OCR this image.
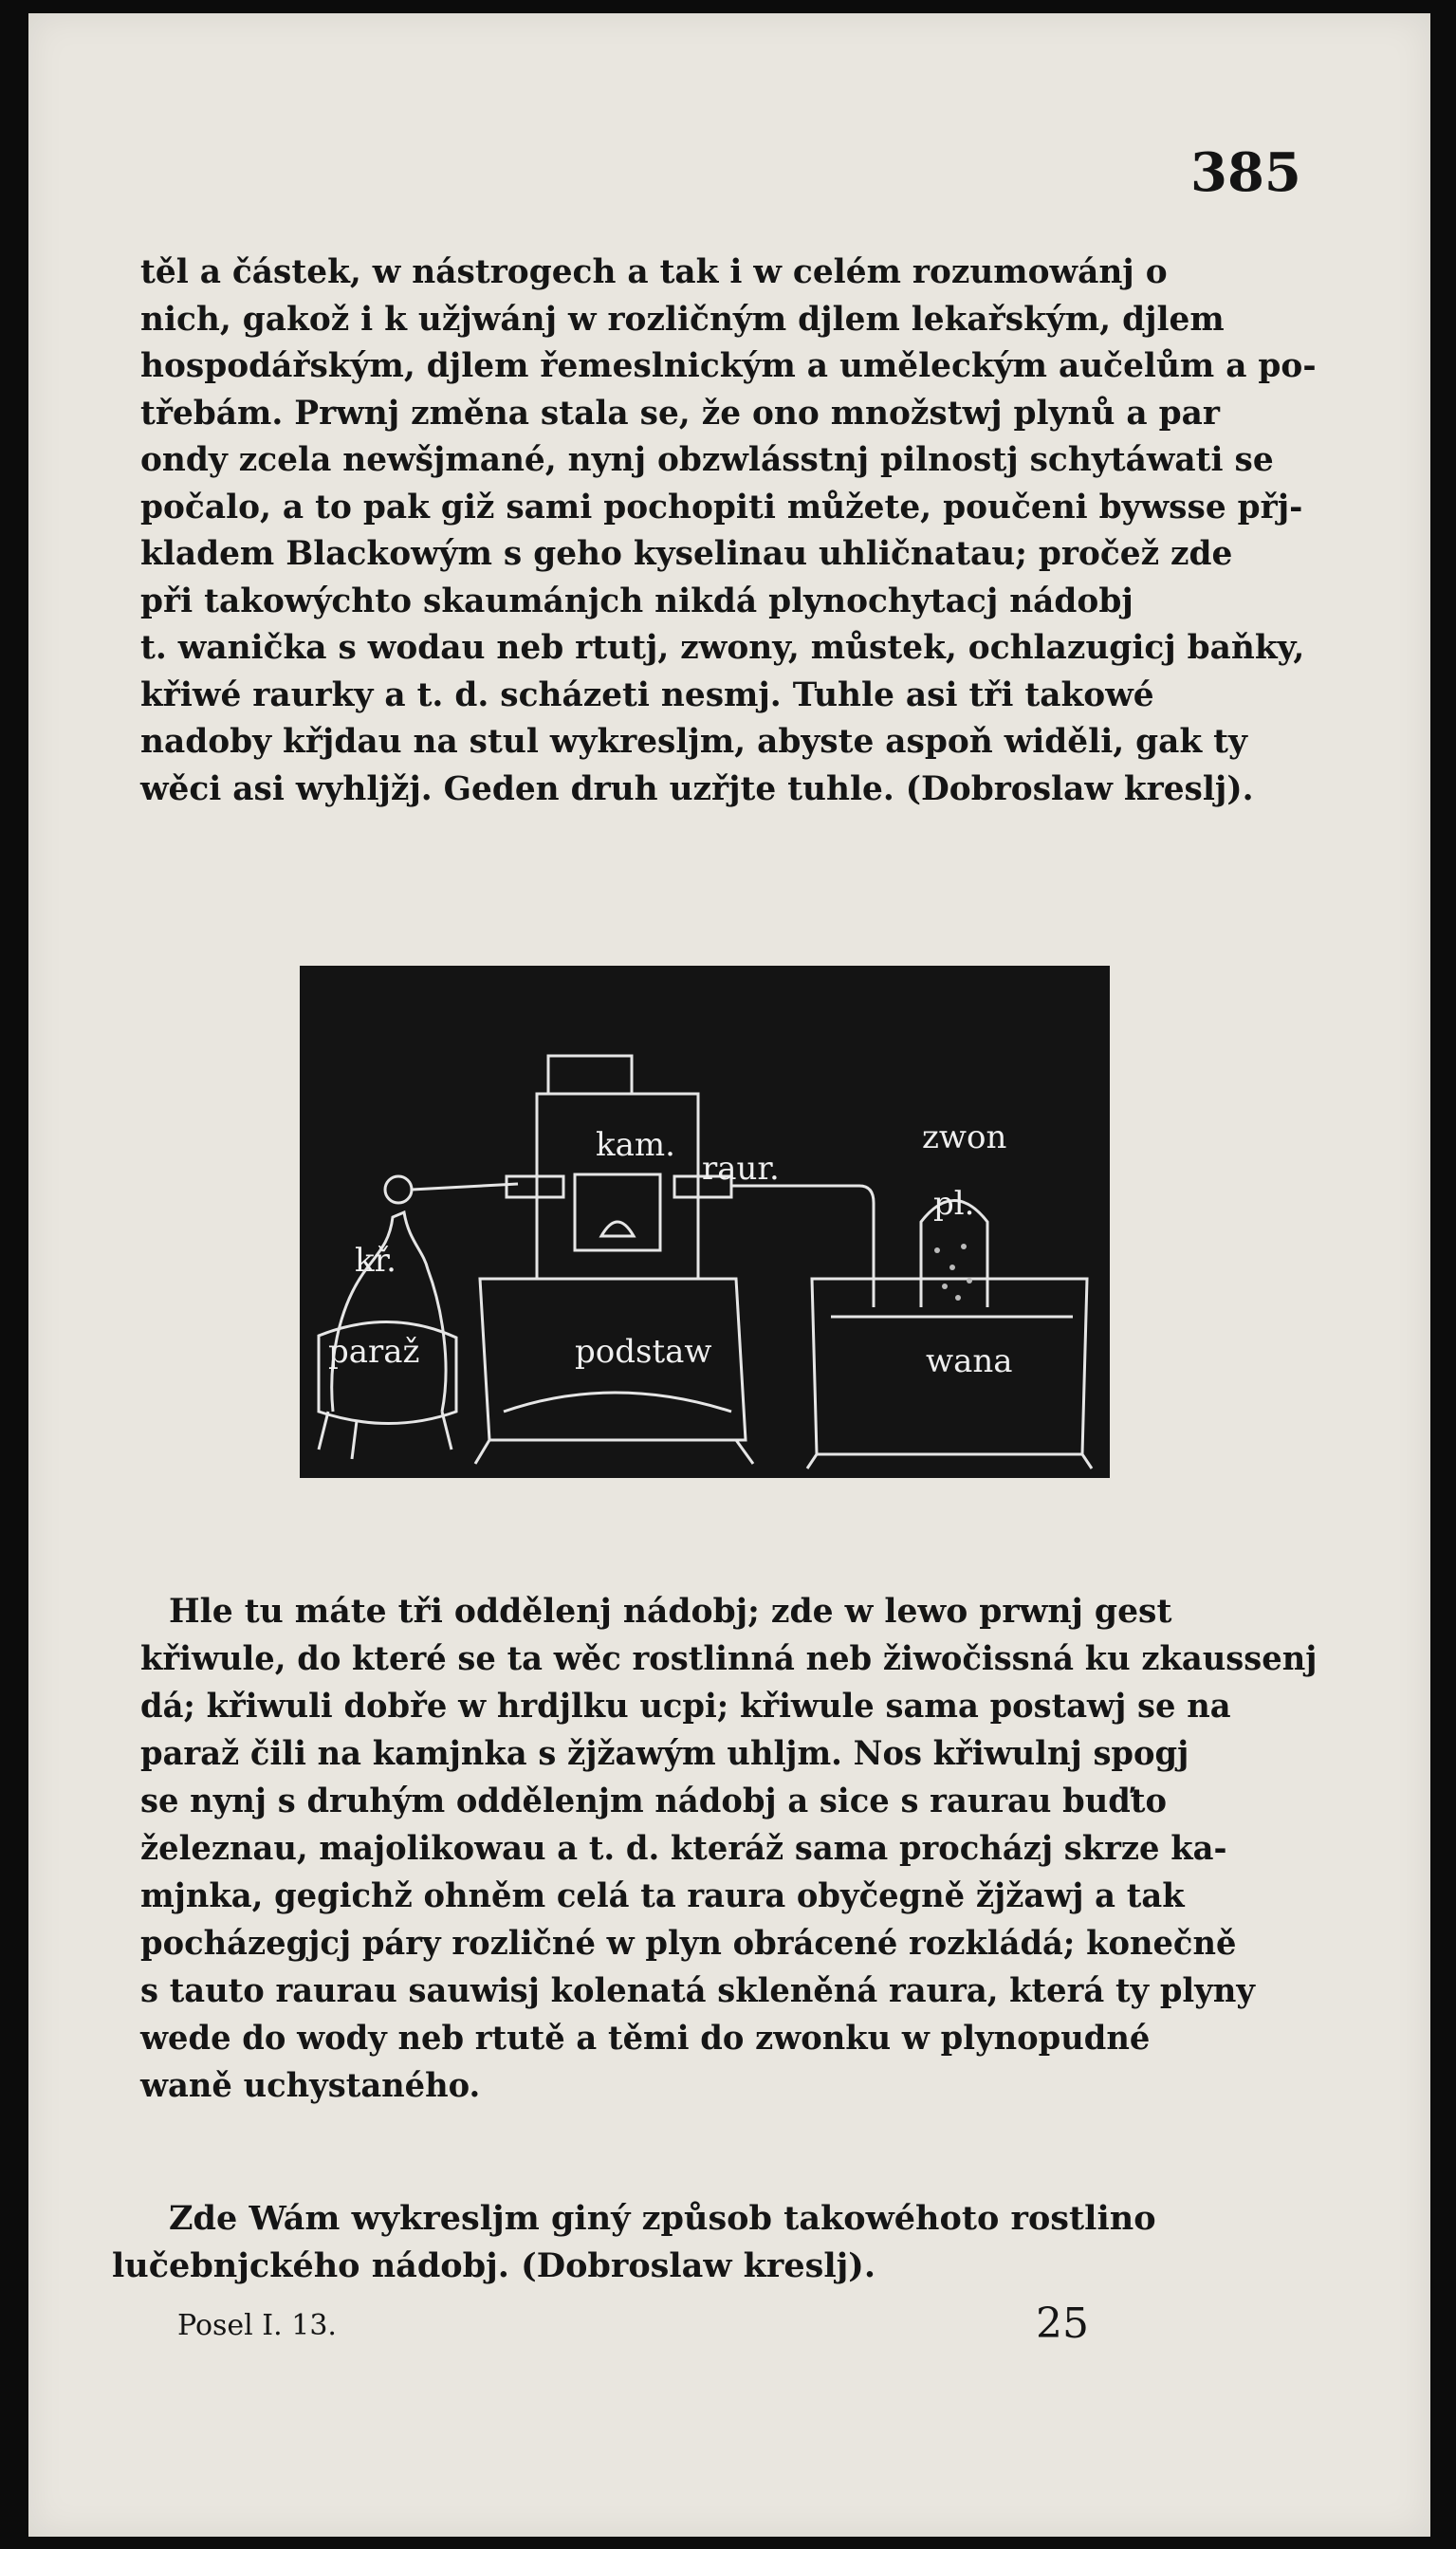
385

těl a částek, w nástrogech a tak i w celém rozumowánj o
nich, gakož i k užjwánj w rozličným djlem lekařským, djlem
hospodářským, djlem řemeslnickým a uměleckým aučelům a po-
třebám. Prwnj změna stala se, že ono množstwj plynů a par
ondy zcela newšjmané, nynj obzwlásstnj pilnostj schytáwati se
počalo, a to pak giž sami pochopiti můžete, poučeni bywsse přj-
kladem Blackowým s geho kyselinau uhličnatau; pročež zde
při takowýchto skaumánjch nikdá plynochytacj nádobj
t. wanička s wodau neb rtutj, zwony, můstek, ochlazugicj baňky,
křiwé raurky a t. d. scházeti nesmj. Tuhle asi tři takowé
nadoby křjdau na stul wykresljm, abyste aspoň widěli, gak ty
wěci asi wyhljžj. Geden druh uzřjte tuhle. (Dobroslaw kreslj).

kam.
raur.
zwon
pl.
kř.
paraž	podstaw	wana

Hle tu máte tři oddělenj nádobj; zde w lewo prwnj gest
křiwule, do které se ta wěc rostlinná neb žiwočissná ku zkaussenj
dá; křiwuli dobře w hrdjlku ucpi; křiwule sama postawj se na
paraž čili na kamjnka s žjžawým uhljm. Nos křiwulnj spogj
se nynj s druhým oddělenjm nádobj a sice s raurau buďto
železnau, majolikowau a t. d. kteráž sama procházj skrze ka-
mjnka, gegichž ohněm celá ta raura obyčegně žjžawj a tak
pocházegjcj páry rozličné w plyn obrácené rozkládá; konečně
s tauto raurau sauwisj kolenatá skleněná raura, která ty plyny
wede do wody neb rtutě a těmi do zwonku w plynopudné
waně uchystaného.

Zde Wám wykresljm giný způsob takowéhoto rostlino
lučebnjckého nádobj. (Dobroslaw kreslj).

Posel I. 13.	25
